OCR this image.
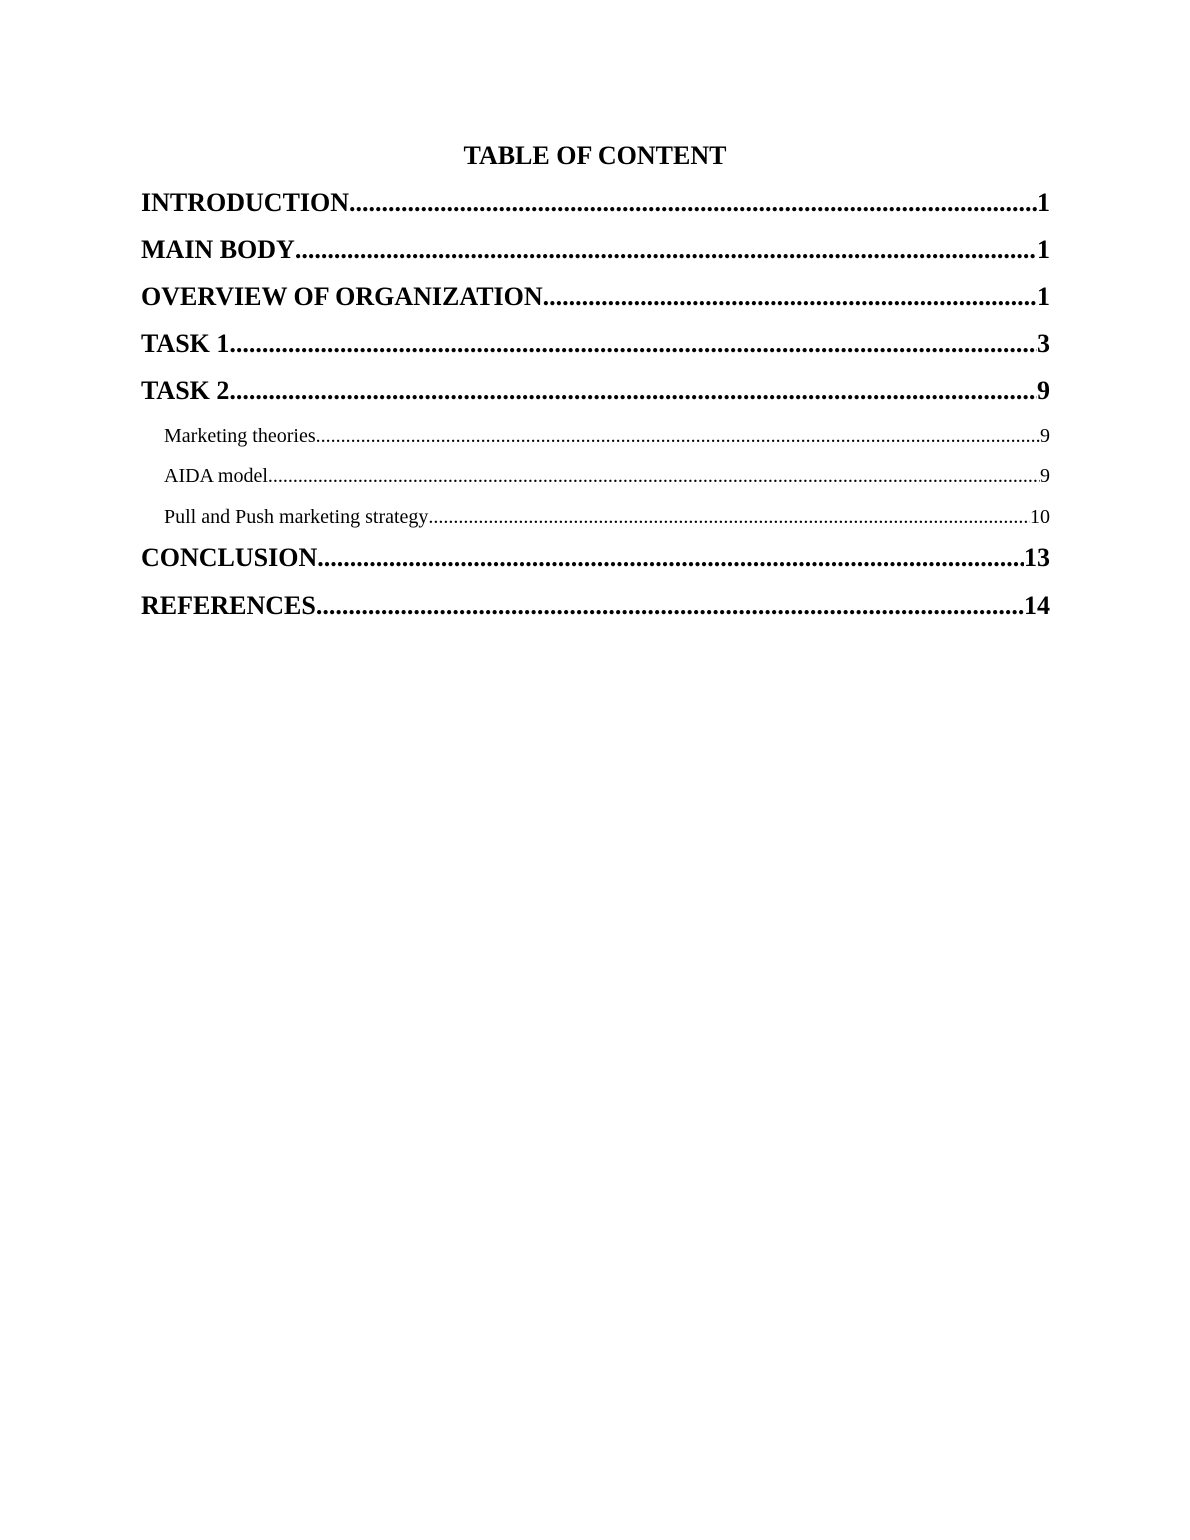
TABLE OF CONTENT
INTRODUCTION .....	1
MAIN BODY .....	1
OVERVIEW OF ORGANIZATION .....	1
TASK 1 .....	3
TASK 2 .....	9
Marketing theories .....	9
AIDA model .....	9
Pull and Push marketing strategy .....	10
CONCLUSION .....	13
REFERENCES .....	14
